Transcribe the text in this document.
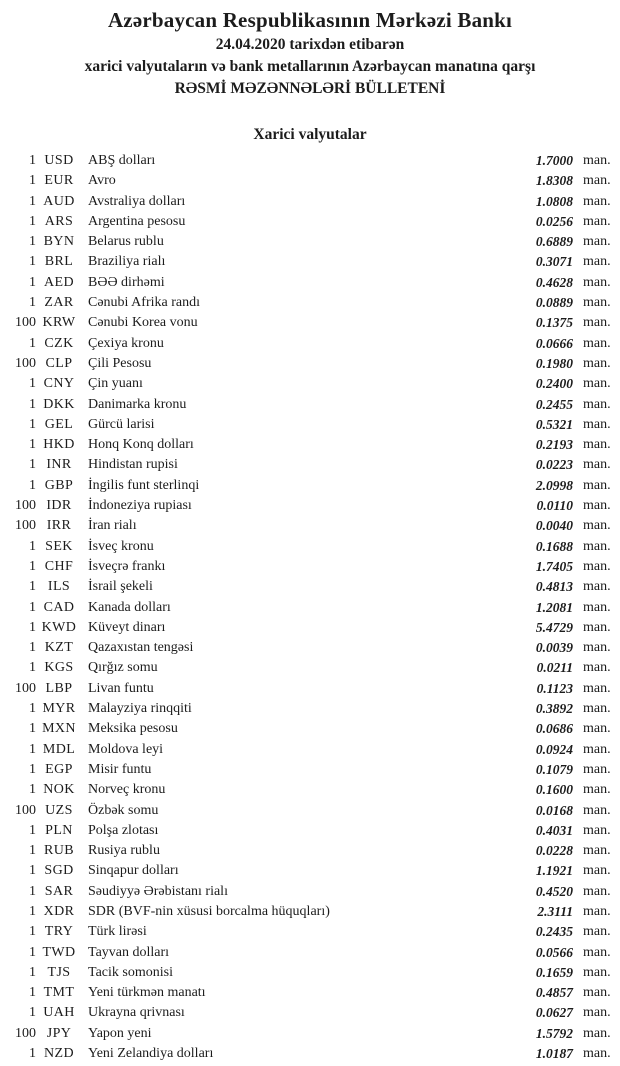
Azərbaycan Respublikasının Mərkəzi Bankı
24.04.2020 tarixdən etibarən
xarici valyutaların və bank metallarının Azərbaycan manatına qarşı
RƏSMİ MƏZƏNNƏLƏRİ BÜLLETENİ
Xarici valyutalar
1 USD	ABŞ dolları	1.7000 man.
1 EUR	Avro	1.8308 man.
1 AUD Avstraliya dolları	1.0808 man.
1 ARS	Argentina pesosu	0.0256 man.
1 BYN Belarus rublu	0.6889 man.
1 BRL	Braziliya rialı	0.3071 man.
1 AED	BƏƏ dirhəmi	0.4628 man.
1 ZAR	Cənubi Afrika randı	0.0889 man.
100 KRW Cənubi Korea vonu	0.1375 man.
1 CZK	Çexiya kronu	0.0666 man.
100 CLP	Çili Pesosu	0.1980 man.
1 CNY Çin yuanı	0.2400 man.
1 DKK Danimarka kronu	0.2455 man.
1 GEL	Gürcü larisi	0.5321 man.
1 HKD Honq Konq dolları	0.2193 man.
1 INR	Hindistan rupisi	0.0223 man.
1 GBP	İngilis funt sterlinqi	2.0998 man.
100 IDR	İndoneziya rupiası	0.0110 man.
100 IRR	İran rialı	0.0040 man.
1 SEK	İsveç kronu	0.1688 man.
1 CHF	İsveçrə frankı	1.7405 man.
1 ILS	İsrail şekeli	0.4813 man.
1 CAD Kanada dolları	1.2081 man.
1 KWD Küveyt dinarı	5.4729 man.
1 KZT	Qazaxıstan tengəsi	0.0039 man.
1 KGS	Qırğız somu	0.0211 man.
100 LBP	Livan funtu	0.1123 man.
1 MYR Malayziya rinqqiti	0.3892 man.
1 MXN Meksika pesosu	0.0686 man.
1 MDL Moldova leyi	0.0924 man.
1 EGP	Misir funtu	0.1079 man.
1 NOK Norveç kronu	0.1600 man.
100 UZS	Özbək somu	0.0168 man.
1 PLN	Polşa zlotası	0.4031 man.
1 RUB	Rusiya rublu	0.0228 man.
1 SGD	Sinqapur dolları	1.1921 man.
1 SAR	Səudiyyə Ərəbistanı rialı	0.4520 man.
1 XDR SDR (BVF-nin xüsusi borcalma hüquqları)	2.3111 man.
1 TRY	Türk lirəsi	0.2435 man.
1 TWD Tayvan dolları	0.0566 man.
1 TJS	Tacik somonisi	0.1659 man.
1 TMT Yeni türkmən manatı	0.4857 man.
1 UAH Ukrayna qrivnası	0.0627 man.
100 JPY	Yapon yeni	1.5792 man.
1 NZD	Yeni Zelandiya dolları	1.0187 man.
